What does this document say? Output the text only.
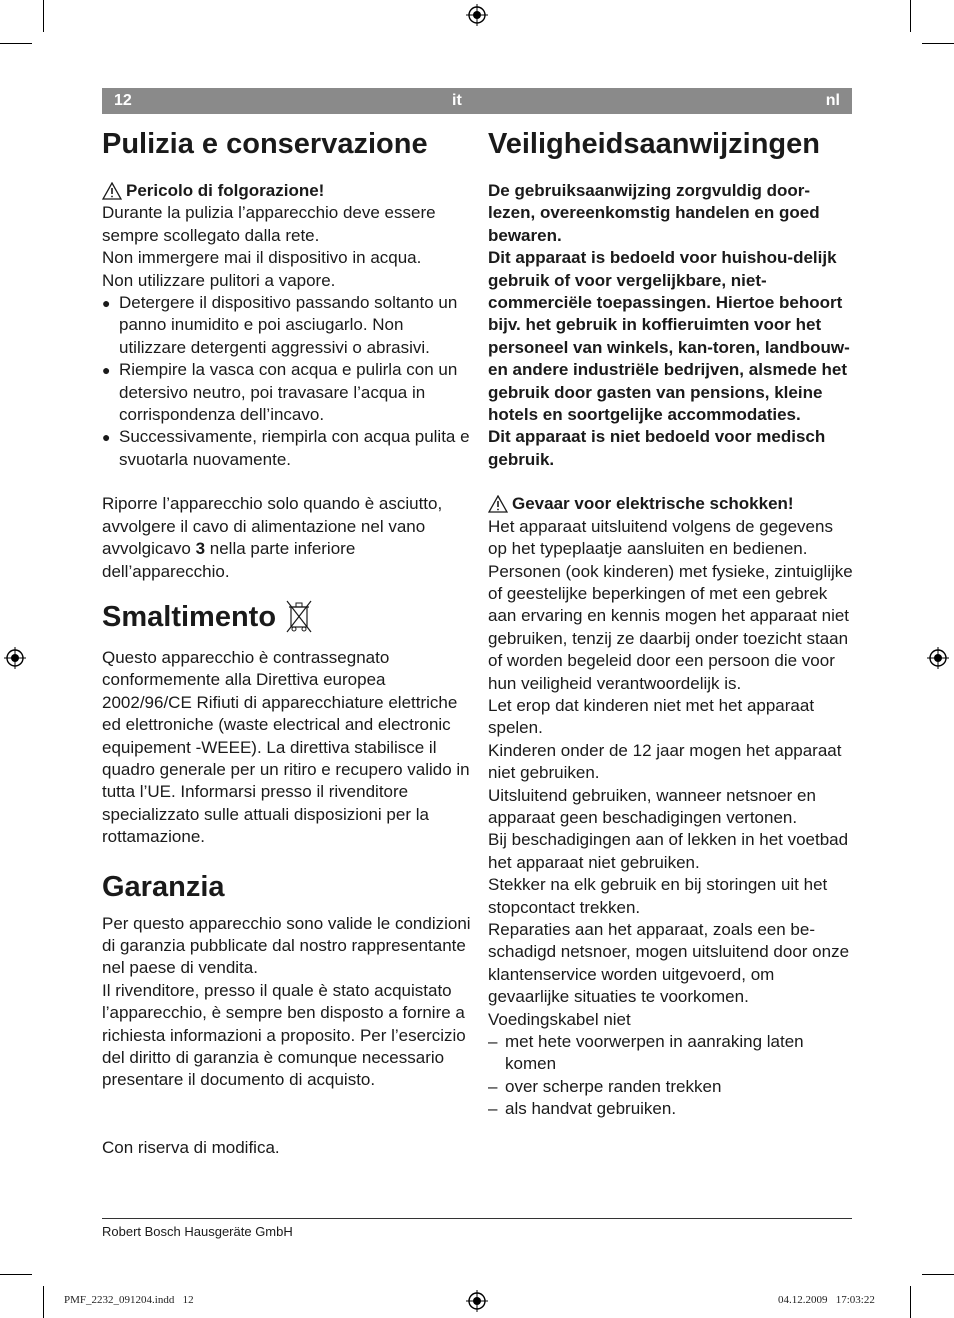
12	it	nl
Pulizia e conservazione
Pericolo di folgorazione!

Durante la pulizia l’apparecchio deve essere sempre scollegato dalla rete.

Non immergere mai il dispositivo in acqua.

Non utilizzare pulitori a vapore.

● Detergere il dispositivo passando soltanto un panno inumidito e poi asciugarlo. Non utilizzare detergenti aggressivi o abrasivi.
● Riempire la vasca con acqua e pulirla con un detersivo neutro, poi travasare l’acqua in corrispondenza dell’incavo.
● Successivamente, riempirla con acqua pulita e svuotarla nuovamente.

Riporre l’apparecchio solo quando è asciutto, avvolgere il cavo di alimentazione nel vano avvolgicavo 3 nella parte inferiore dell’apparecchio.

Smaltimento

Questo apparecchio è contrassegnato conformemente alla Direttiva europea 2002/96/CE Rifiuti di apparecchiature elettriche ed elettroniche (waste electrical and electronic equipement -WEEE). La direttiva stabilisce il quadro generale per un ritiro e recupero valido in tutta l’UE. Informarsi presso il rivenditore specializzato sulle attuali disposizioni per la rottamazione.

Garanzia

Per questo apparecchio sono valide le condizioni di garanzia pubblicate dal nostro rappresentante nel paese di vendita.

Il rivenditore, presso il quale è stato acquistato l’apparecchio, è sempre ben disposto a fornire a richiesta informazioni a proposito. Per l’esercizio del diritto di garanzia è comunque necessario presentare il documento di acquisto.

Con riserva di modifica.

Veiligheidsaanwijzingen

De gebruiksaanwijzing zorgvuldig door-lezen, overeenkomstig handelen en goed bewaren.

Dit apparaat is bedoeld voor huishou-delijk gebruik of voor vergelijkbare, niet-commerciële toepassingen. Hiertoe behoort bijv. het gebruik in koffieruimten voor het personeel van winkels, kan-toren, landbouw- en andere industriële bedrijven, alsmede het gebruik door gasten van pensions, kleine hotels en soortgelijke accommodaties.

Dit apparaat is niet bedoeld voor medisch gebruik.

Gevaar voor elektrische schokken!

Het apparaat uitsluitend volgens de gegevens op het typeplaatje aansluiten en bedienen.

Personen (ook kinderen) met fysieke, zintuiglijke of geestelijke beperkingen of met een gebrek aan ervaring en kennis mogen het apparaat niet gebruiken, tenzij ze daarbij onder toezicht staan of worden begeleid door een persoon die voor hun veiligheid verantwoordelijk is.

Let erop dat kinderen niet met het apparaat spelen.

Kinderen onder de 12 jaar mogen het apparaat niet gebruiken.

Uitsluitend gebruiken, wanneer netsnoer en apparaat geen beschadigingen vertonen.

Bij beschadigingen aan of lekken in het voetbad het apparaat niet gebruiken.

Stekker na elk gebruik en bij storingen uit het stopcontact trekken.

Reparaties aan het apparaat, zoals een be-schadigd netsnoer, mogen uitsluitend door onze klantenservice worden uitgevoerd, om gevaarlijke situaties te voorkomen.

Voedingskabel niet

– met hete voorwerpen in aanraking laten komen
– over scherpe randen trekken
– als handvat gebruiken.
Robert Bosch Hausgeräte GmbH
PMF_2232_091204.indd   12	04.12.2009   17:03:22
